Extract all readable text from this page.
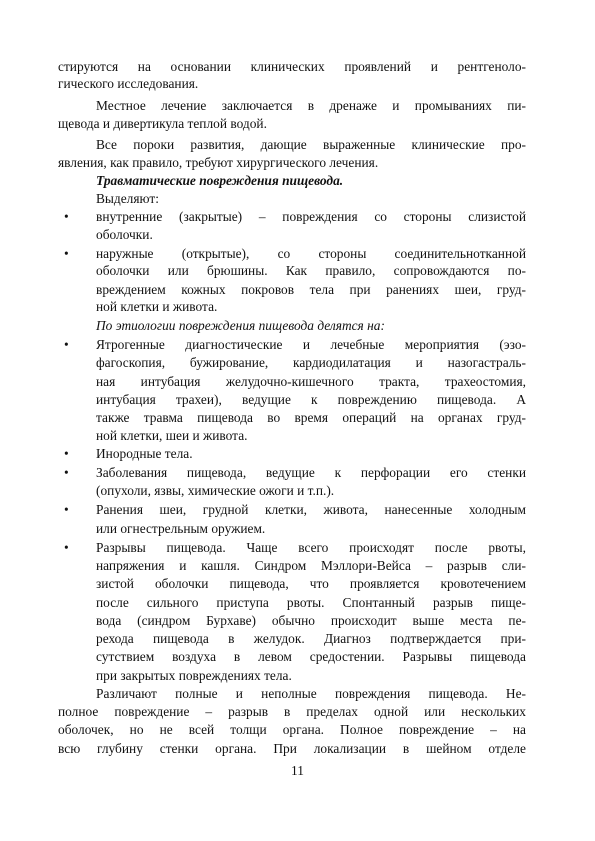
стируются на основании клинических проявлений и рентгеноло-
гического исследования.
Местное лечение заключается в дренаже и промываниях пи-
щевода и дивертикула теплой водой.
Все пороки развития, дающие выраженные клинические про-
явления, как правило, требуют хирургического лечения.
Травматические повреждения пищевода.
Выделяют:
•	внутренние (закрытые) – повреждения со стороны слизистой
оболочки.
•	наружные (открытые), со стороны соединительнотканной
оболочки или брюшины. Как правило, сопровождаются по-
вреждением кожных покровов тела при ранениях шеи, груд-
ной клетки и живота.
По этиологии повреждения пищевода делятся на:
•	Ятрогенные диагностические и лечебные мероприятия (эзо-
фагоскопия, бужирование, кардиодилатация и назогастраль-
ная интубация желудочно-кишечного тракта, трахеостомия,
интубация трахеи), ведущие к повреждению пищевода. А
также травма пищевода во время операций на органах груд-
ной клетки, шеи и живота.
•	Инородные тела.
•	Заболевания пищевода, ведущие к перфорации его стенки
(опухоли, язвы, химические ожоги и т.п.).
•	Ранения шеи, грудной клетки, живота, нанесенные холодным
или огнестрельным оружием.
•	Разрывы пищевода. Чаще всего происходят после рвоты,
напряжения и кашля. Синдром Мэллори-Вейса – разрыв сли-
зистой оболочки пищевода, что проявляется кровотечением
после сильного приступа рвоты. Спонтанный разрыв пище-
вода (синдром Бурхаве) обычно происходит выше места пе-
рехода пищевода в желудок. Диагноз подтверждается при-
сутствием воздуха в левом средостении. Разрывы пищевода
при закрытых повреждениях тела.
Различают полные и неполные повреждения пищевода. Не-
полное повреждение – разрыв в пределах одной или нескольких
оболочек, но не всей толщи органа. Полное повреждение – на
всю глубину стенки органа. При локализации в шейном отделе
11
